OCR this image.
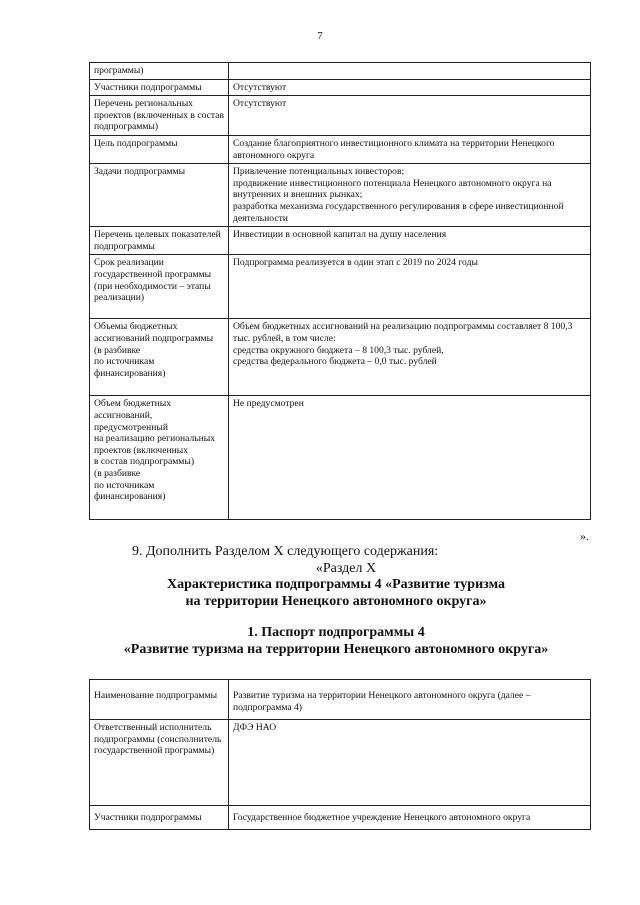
7
программы)	
Участники подпрограммы	Отсутствуют
Перечень региональных проектов (включенных в состав подпрограммы)	Отсутствуют
Цель подпрограммы	Создание благоприятного инвестиционного климата на территории Ненецкого автономного округа
Задачи подпрограммы	Привлечение потенциальных инвесторов;
продвижение инвестиционного потенциала Ненецкого автономного округа на внутренних и внешних рынках;
разработка механизма государственного регулирования в сфере инвестиционной деятельности
Перечень целевых показателей подпрограммы	Инвестиции в основной капитал на душу населения
Срок реализации государственной программы
(при необходимости – этапы реализации)	Подпрограмма реализуется в один этап с 2019 по 2024 годы
Объемы бюджетных ассигнований подпрограммы
(в разбивке
по источникам финансирования)	Объем бюджетных ассигнований на реализацию подпрограммы составляет 8 100,3 тыс. рублей, в том числе:
средства окружного бюджета – 8 100,3 тыс. рублей,
средства федерального бюджета – 0,0 тыс. рублей
Объем бюджетных ассигнований, предусмотренный
на реализацию региональных проектов (включенных
в состав подпрограммы)
(в разбивке
по источникам финансирования)	Не предусмотрен
».
9. Дополнить Разделом X следующего содержания:
«Раздел X
Характеристика подпрограммы 4 «Развитие туризма
на территории Ненецкого автономного округа»
1. Паспорт подпрограммы 4
«Развитие туризма на территории Ненецкого автономного округа»
Наименование подпрограммы	Развитие туризма на территории Ненецкого автономного округа (далее – подпрограмма 4)
Ответственный исполнитель подпрограммы (соисполнитель государственной программы)	ДФЭ НАО
Участники подпрограммы	Государственное бюджетное учреждение Ненецкого автономного округа
